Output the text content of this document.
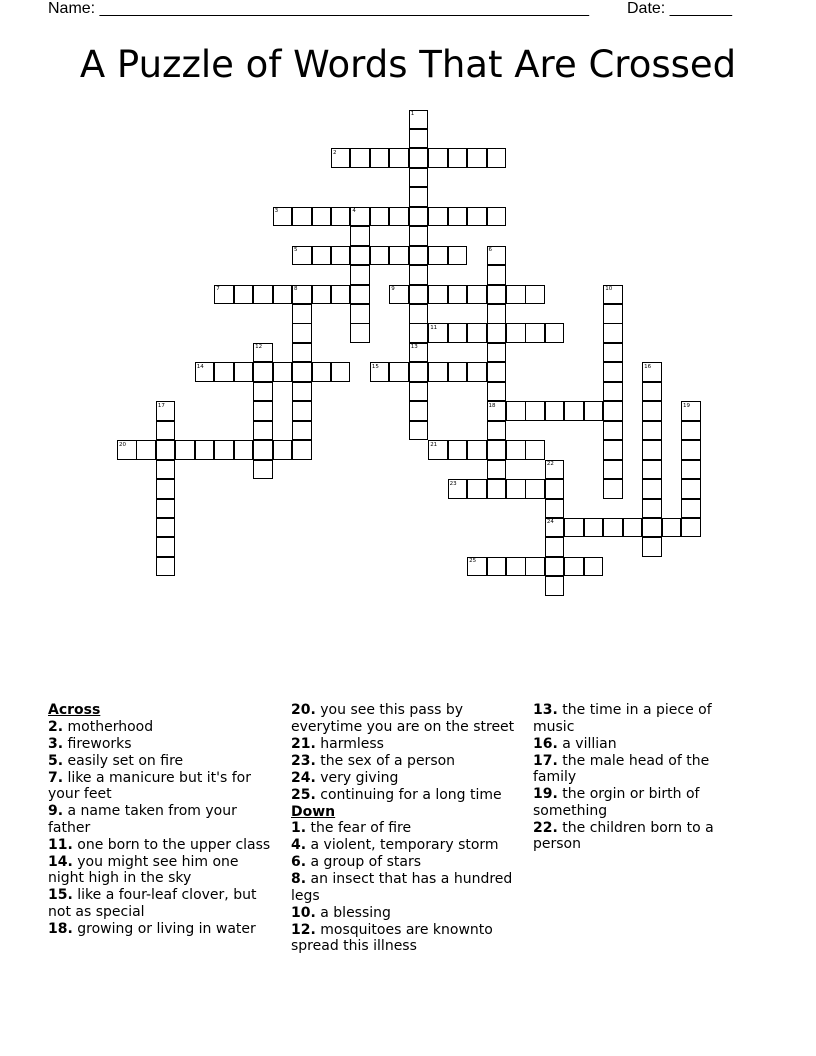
Name: _______________________________________________________ Date: _______
A Puzzle of Words That Are Crossed
1
2
3	4
5	6
7	8	9	10
11
12	13
14	15	16
17	18	19
20	21
22
23
24
25
Across
2. motherhood
3. fireworks
5. easily set on fire
7. like a manicure but it's for your feet
9. a name taken from your father
11. one born to the upper class
14. you might see him one night high in the sky
15. like a four-leaf clover, but not as special
18. growing or living in water
20. you see this pass by everytime you are on the street
21. harmless
23. the sex of a person
24. very giving
25. continuing for a long time
Down
1. the fear of fire
4. a violent, temporary storm
6. a group of stars
8. an insect that has a hundred legs
10. a blessing
12. mosquitoes are knownto spread this illness
13. the time in a piece of music
16. a villian
17. the male head of the family
19. the orgin or birth of something
22. the children born to a person
